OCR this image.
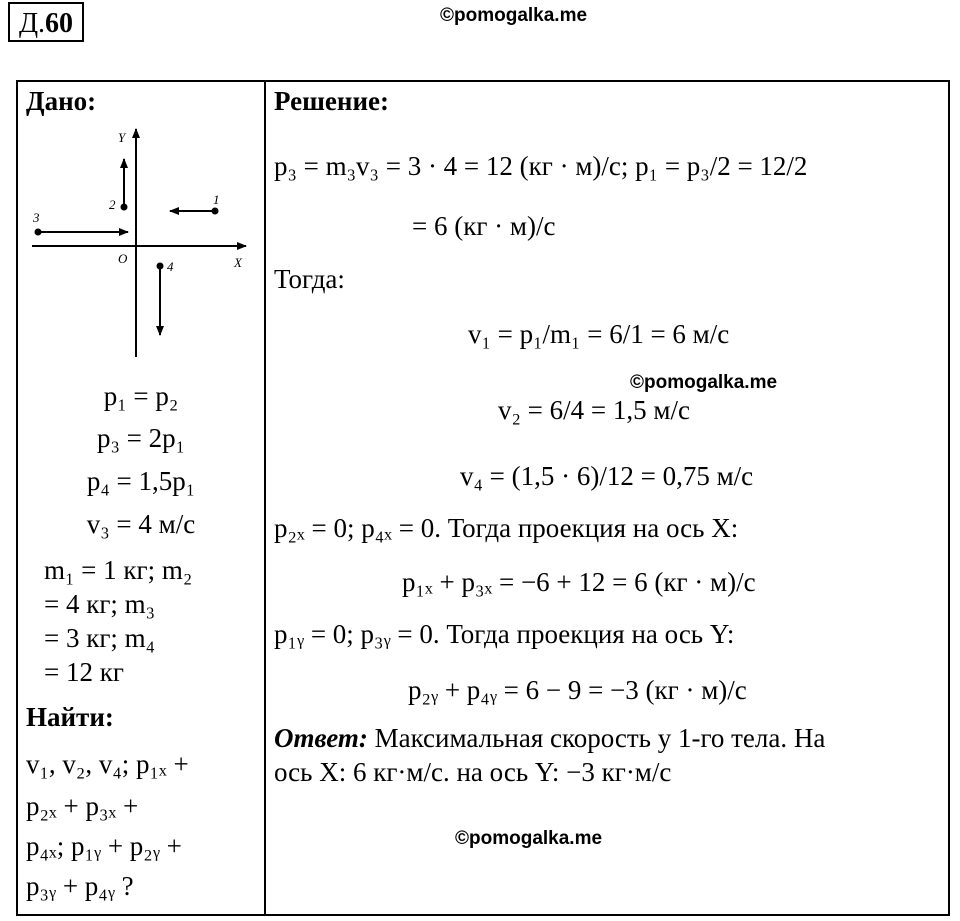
Д.60	©pomogalka.me
©pomogalka.me
©pomogalka.me
Дано:
Y
X
O
1
2
3
4
p₁ = p₂
p₃ = 2p₁
p₄ = 1,5p₁
v₃ = 4 м/с
m₁ = 1 кг; m₂
= 4 кг; m₃
= 3 кг; m₄
= 12 кг
Найти:
v₁, v₂, v₄; p₁ₓ +
p₂ₓ + p₃ₓ +
p₄ₓ; p₁ᵧ + p₂ᵧ +
p₃ᵧ + p₄ᵧ ?
Решение:
p₃ = m₃v₃ = 3 · 4 = 12 (кг · м)/с; p₁ = p₃/2 = 12/2
= 6 (кг · м)/с
Тогда:
v₁ = p₁/m₁ = 6/1 = 6 м/с
v₂ = 6/4 = 1,5 м/с
v₄ = (1,5 · 6)/12 = 0,75 м/с
p₂ₓ = 0; p₄ₓ = 0. Тогда проекция на ось X:
p₁ₓ + p₃ₓ = −6 + 12 = 6 (кг · м)/с
p₁ᵧ = 0; p₃ᵧ = 0. Тогда проекция на ось Y:
p₂ᵧ + p₄ᵧ = 6 − 9 = −3 (кг · м)/с
Ответ: Максимальная скорость у 1-го тела. На
ось X: 6 кг·м/с. на ось Y: −3 кг·м/с
